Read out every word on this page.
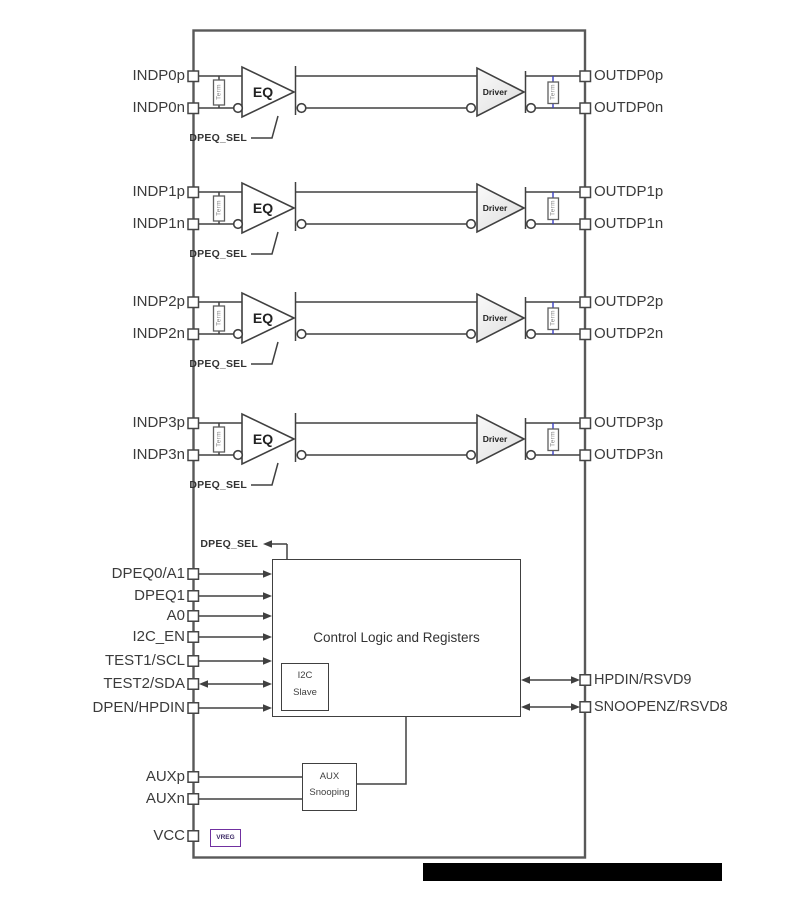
INDP0p
INDP0n
OUTDP0p
OUTDP0n
DPEQ_SEL
EQ	Driver
Term	Term
INDP1p
INDP1n
OUTDP1p
OUTDP1n
DPEQ_SEL
EQ	Driver
Term	Term
INDP2p
INDP2n
OUTDP2p
OUTDP2n
DPEQ_SEL
EQ	Driver
Term	Term
INDP3p
INDP3n
OUTDP3p
OUTDP3n
DPEQ_SEL
EQ	Driver
Term	Term
DPEQ_SEL
Control Logic and Registers
I2C
Slave
DPEQ0/A1
DPEQ1
A0
I2C_EN
TEST1/SCL
TEST2/SDA
DPEN/HPDIN
HPDIN/RSVD9
SNOOPENZ/RSVD8
AUXp
AUXn
AUX
Snooping
VCC	VREG
